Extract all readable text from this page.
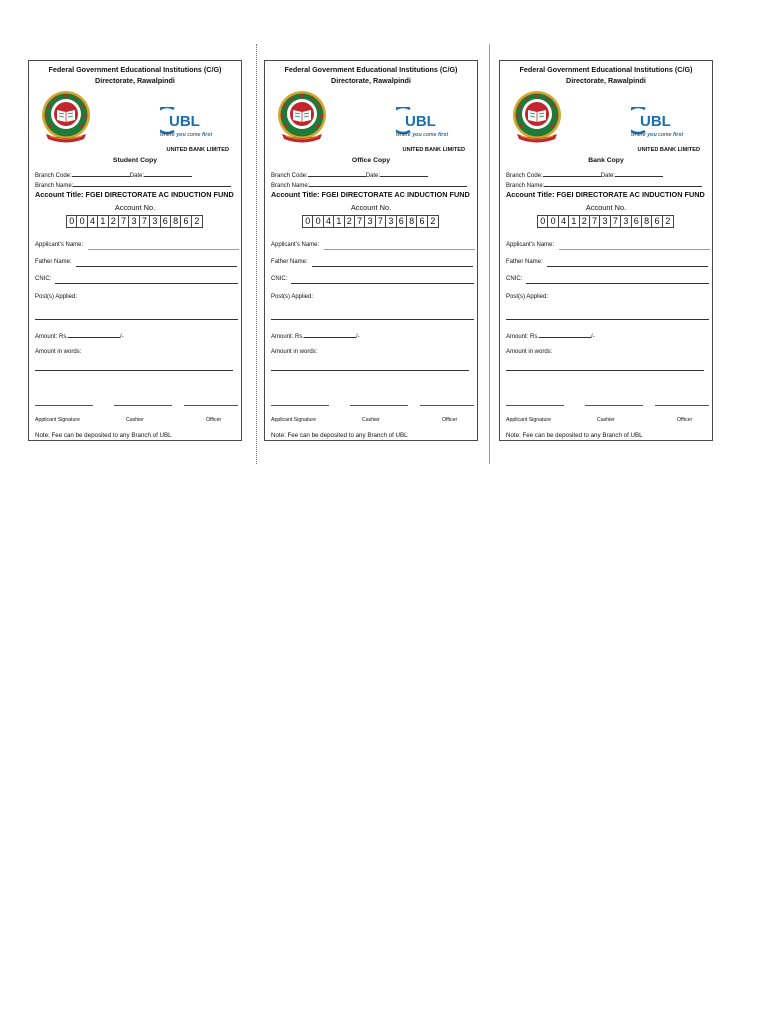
Federal Government Educational Institutions (C/G)
Directorate, Rawalpindi
UBL
where you come first
UNITED BANK LIMITED
Student Copy
Branch Code:	Date:
Branch Name:
Account Title: FGEI DIRECTORATE AC INDUCTION FUND
Account No.
0 0 4 1 2 7 3 7 3 6 8 6 2
Applicant's Name:
Father Name:
CNIC:
Post(s) Applied:
Amount: Rs.	/-
Amount in words:
Applicant Signature	Cashier	Officer
Note: Fee can be deposited to any Branch of UBL
Federal Government Educational Institutions (C/G)
Directorate, Rawalpindi
UBL
where you come first
UNITED BANK LIMITED
Office Copy
Branch Code:	Date:
Branch Name:
Account Title: FGEI DIRECTORATE AC INDUCTION FUND
Account No.
0 0 4 1 2 7 3 7 3 6 8 6 2
Applicant's Name:
Father Name:
CNIC:
Post(s) Applied:
Amount: Rs.	/-
Amount in words:
Applicant Signature	Cashier	Officer
Note: Fee can be deposited to any Branch of UBL
Federal Government Educational Institutions (C/G)
Directorate, Rawalpindi
UBL
where you come first
UNITED BANK LIMITED
Bank Copy
Branch Code:	Date:
Branch Name:
Account Title: FGEI DIRECTORATE AC INDUCTION FUND
Account No.
0 0 4 1 2 7 3 7 3 6 8 6 2
Applicant's Name:
Father Name:
CNIC:
Post(s) Applied:
Amount: Rs.	/-
Amount in words:
Applicant Signature	Cashier	Officer
Note: Fee can be deposited to any Branch of UBL
